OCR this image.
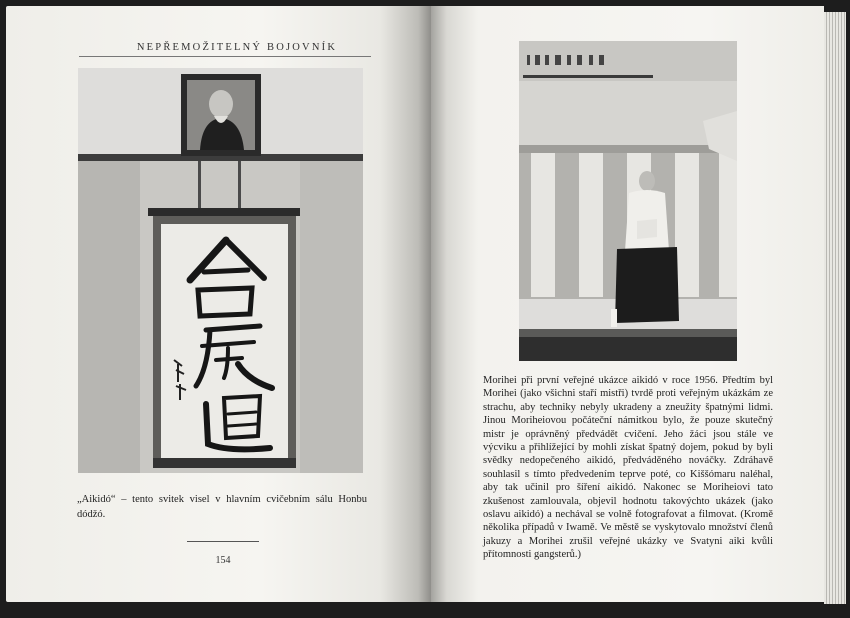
NEPŘEMOŽITELNÝ BOJOVNÍK

„Aikidó“ – tento svitek visel v hlavním cvičebním sálu Honbu dódžó.

154

Morihei při první veřejné ukázce aikidó v roce 1956. Předtím byl Morihei (jako všichni staří mistři) tvrdě proti veřejným ukázkám ze strachu, aby techniky nebyly ukradeny a zneužity špatnými lidmi. Jinou Moriheiovou počáteční námitkou bylo, že pouze skutečný mistr je oprávněný předvádět cvičení. Jeho žáci jsou stále ve výcviku a přihlížející by mohli získat špatný dojem, pokud by byli svědky nedopečeného aikidó, předváděného nováčky. Zdráhavě souhlasil s tímto předvedením teprve poté, co Kiššómaru naléhal, aby tak učinil pro šíření aikidó. Nakonec se Moriheiovi tato zkušenost zamlouvala, objevil hodnotu takovýchto ukázek (jako oslavu aikidó) a nechával se volně fotografovat a filmovat. (Kromě několika případů v Iwamě. Ve městě se vyskytovalo množství členů jakuzy a Morihei zrušil veřejné ukázky ve Svatyni aiki kvůli přítomnosti gangsterů.)
